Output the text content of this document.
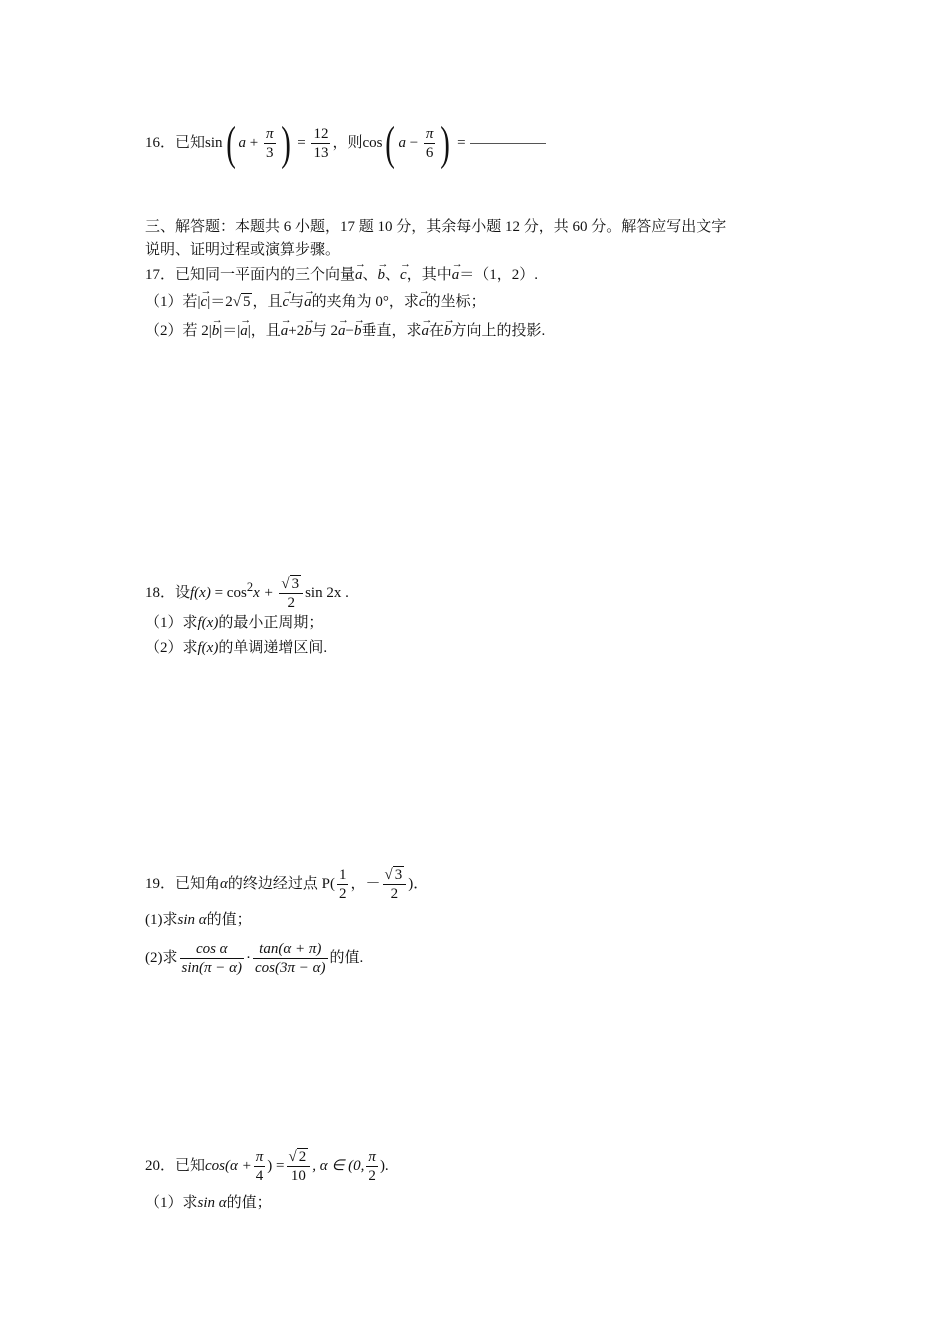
16．已知sin( $a + \frac{\pi}{3}$ ) = $\frac{12}{13}$ ，则cos( $a - \frac{\pi}{6}$ ) =
三、解答题：本题共 6 小题，17 题 10 分，其余每小题 12 分，共 60 分。解答应写出文字
说明、证明过程或演算步骤。
17．已知同一平面内的三个向量→ a、→ b、→ c，其中→ a＝（1，2）.
（1）若|→ c|＝2√ 5 ，且→ c与→ a的夹角为 0°，求→ c的坐标；
（2）若 2|→ b|＝|→ a|，且→ a+2→ b与 2→ a−→ b垂直，求→ a在→ b方向上的投影.
18．设$f(x) = \cos^2x + \frac{√ 3}{2}$ sin 2x .
（1）求f(x)的最小正周期；
（2）求f(x)的单调递增区间.
19．已知角α的终边经过点 $P( \frac{1}{2}$ ，－ $\frac{√ 3}{2}$ )．
(1)求sin α的值；
(2)求 $\frac{\text{cos α}}{\sin(\pi - \alpha)} \cdot \frac{\tan(\alpha + \pi)}{\cos(3\pi - \alpha)}$ 的值.
20．已知$\cos(\alpha + \frac{\pi}{4}$ ) = $\frac{√ 2}{10}$ , α ∈ (0, $\frac{\pi}{2}$ ).
（1）求sin α的值；
